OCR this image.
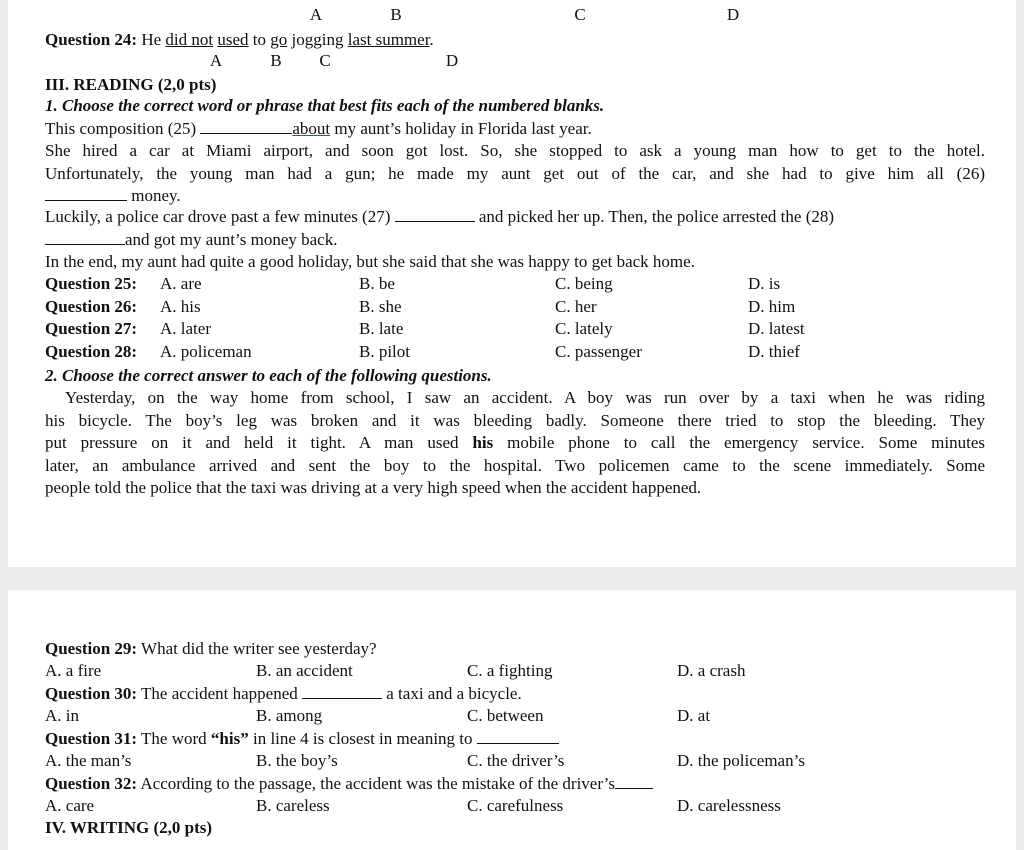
A	B	C	D
Question 24: He did not used to go jogging last summer.
A	B C	D
III. READING (2,0 pts)
1. Choose the correct word or phrase that best fits each of the numbered blanks.
This composition (25)	about my aunt’s holiday in Florida last year.
She hired a car at Miami airport, and soon got lost. So, she stopped to ask a young man how to get to the hotel.
Unfortunately, the young man had a gun; he made my aunt get out of the car, and she had to give him all (26)
money.
Luckily, a police car drove past a few minutes (27)	and picked her up. Then, the police arrested the (28)
and got my aunt’s money back.
In the end, my aunt had quite a good holiday, but she said that she was happy to get back home.
Question 25: A. are	B. be	C. being	D. is
Question 26: A. his	B. she	C. her	D. him
Question 27: A. later	B. late	C. lately	D. latest
Question 28: A. policeman	B. pilot	C. passenger	D. thief
2. Choose the correct answer to each of the following questions.
Yesterday, on the way home from school, I saw an accident. A boy was run over by a taxi when he was riding
his bicycle. The boy’s leg was broken and it was bleeding badly. Someone there tried to stop the bleeding. They
put pressure on it and held it tight. A man used his mobile phone to call the emergency service. Some minutes
later, an ambulance arrived and sent the boy to the hospital. Two policemen came to the scene immediately. Some
people told the police that the taxi was driving at a very high speed when the accident happened.
Question 29: What did the writer see yesterday?
A. a fire	B. an accident	C. a fighting	D. a crash
Question 30: The accident happened	a taxi and a bicycle.
A. in	B. among	C. between	D. at
Question 31: The word “his” in line 4 is closest in meaning to
A. the man’s	B. the boy’s	C. the driver’s	D. the policeman’s
Question 32: According to the passage, the accident was the mistake of the driver’s
A. care	B. careless	C. carefulness	D. carelessness
IV. WRITING (2,0 pts)
